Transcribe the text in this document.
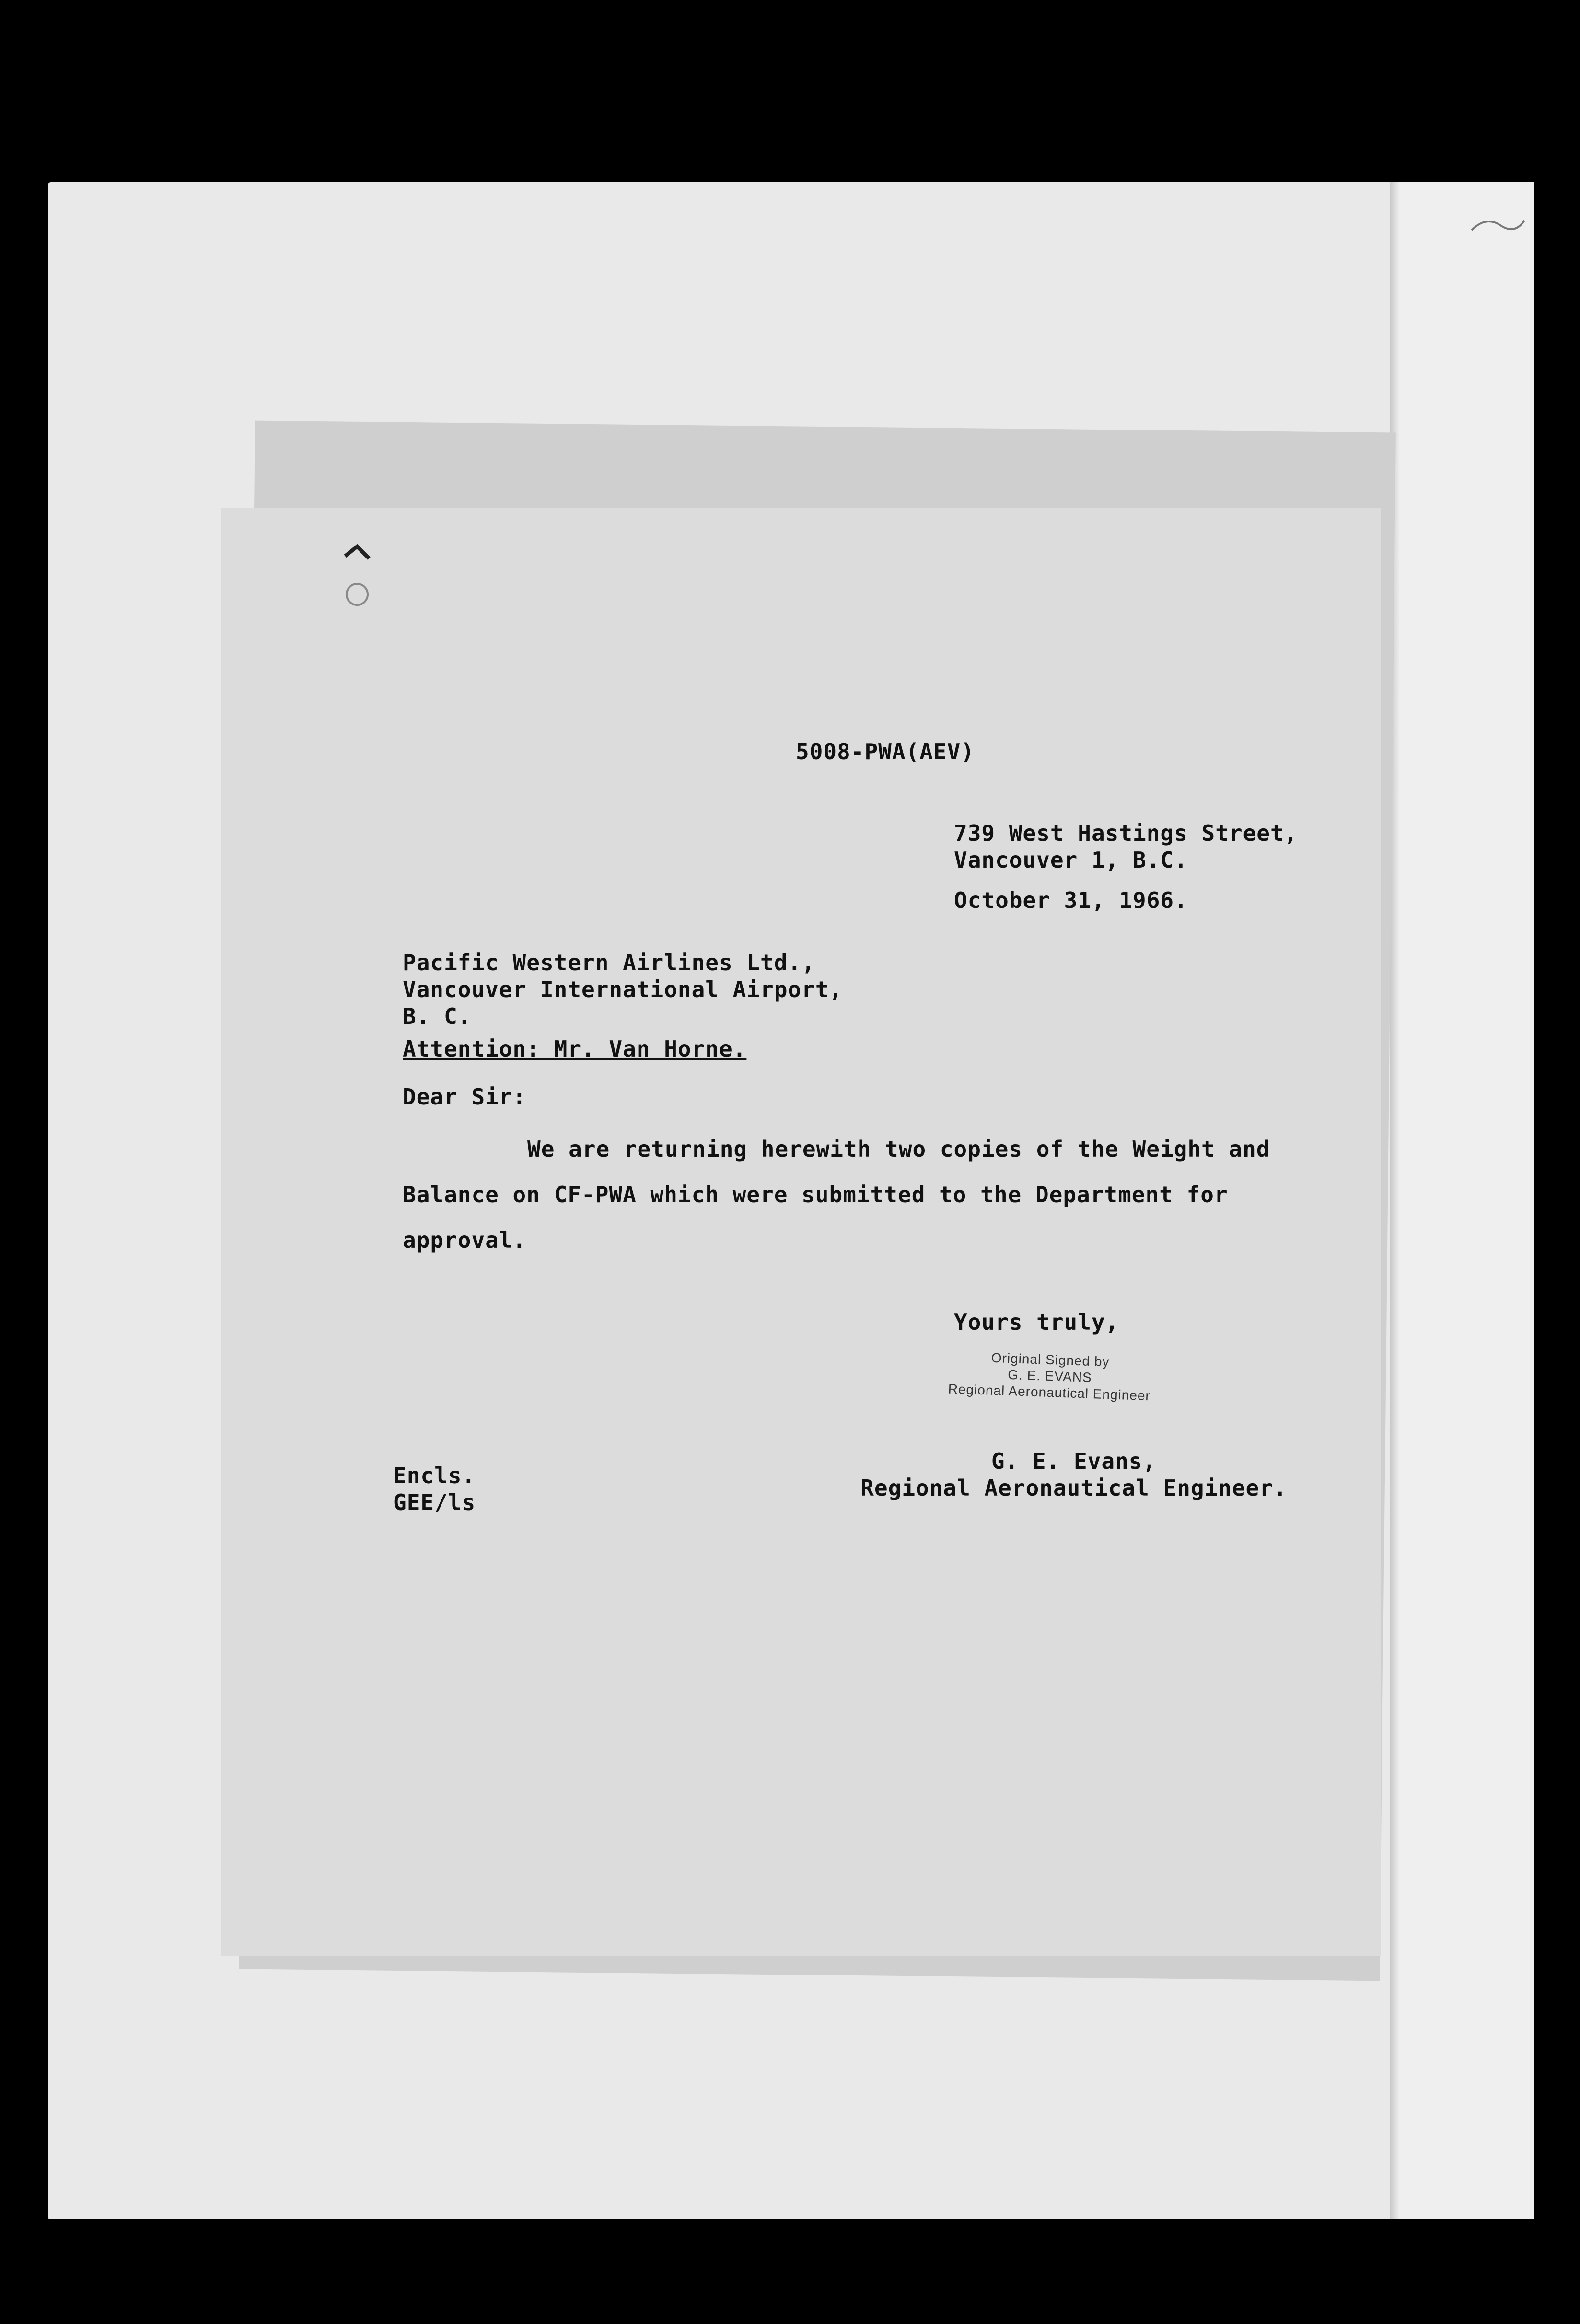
5008-PWA(AEV)
739 West Hastings Street,
Vancouver 1, B.C.
October 31, 1966.
Pacific Western Airlines Ltd.,
Vancouver International Airport,
B. C.
Attention: Mr. Van Horne.
Dear Sir:
We are returning herewith two copies of the Weight and
Balance on CF-PWA which were submitted to the Department for
approval.
Yours truly,
Original Signed by
G. E. EVANS
Regional Aeronautical Engineer
G. E. Evans,
Regional Aeronautical Engineer.
Encls.
GEE/ls
